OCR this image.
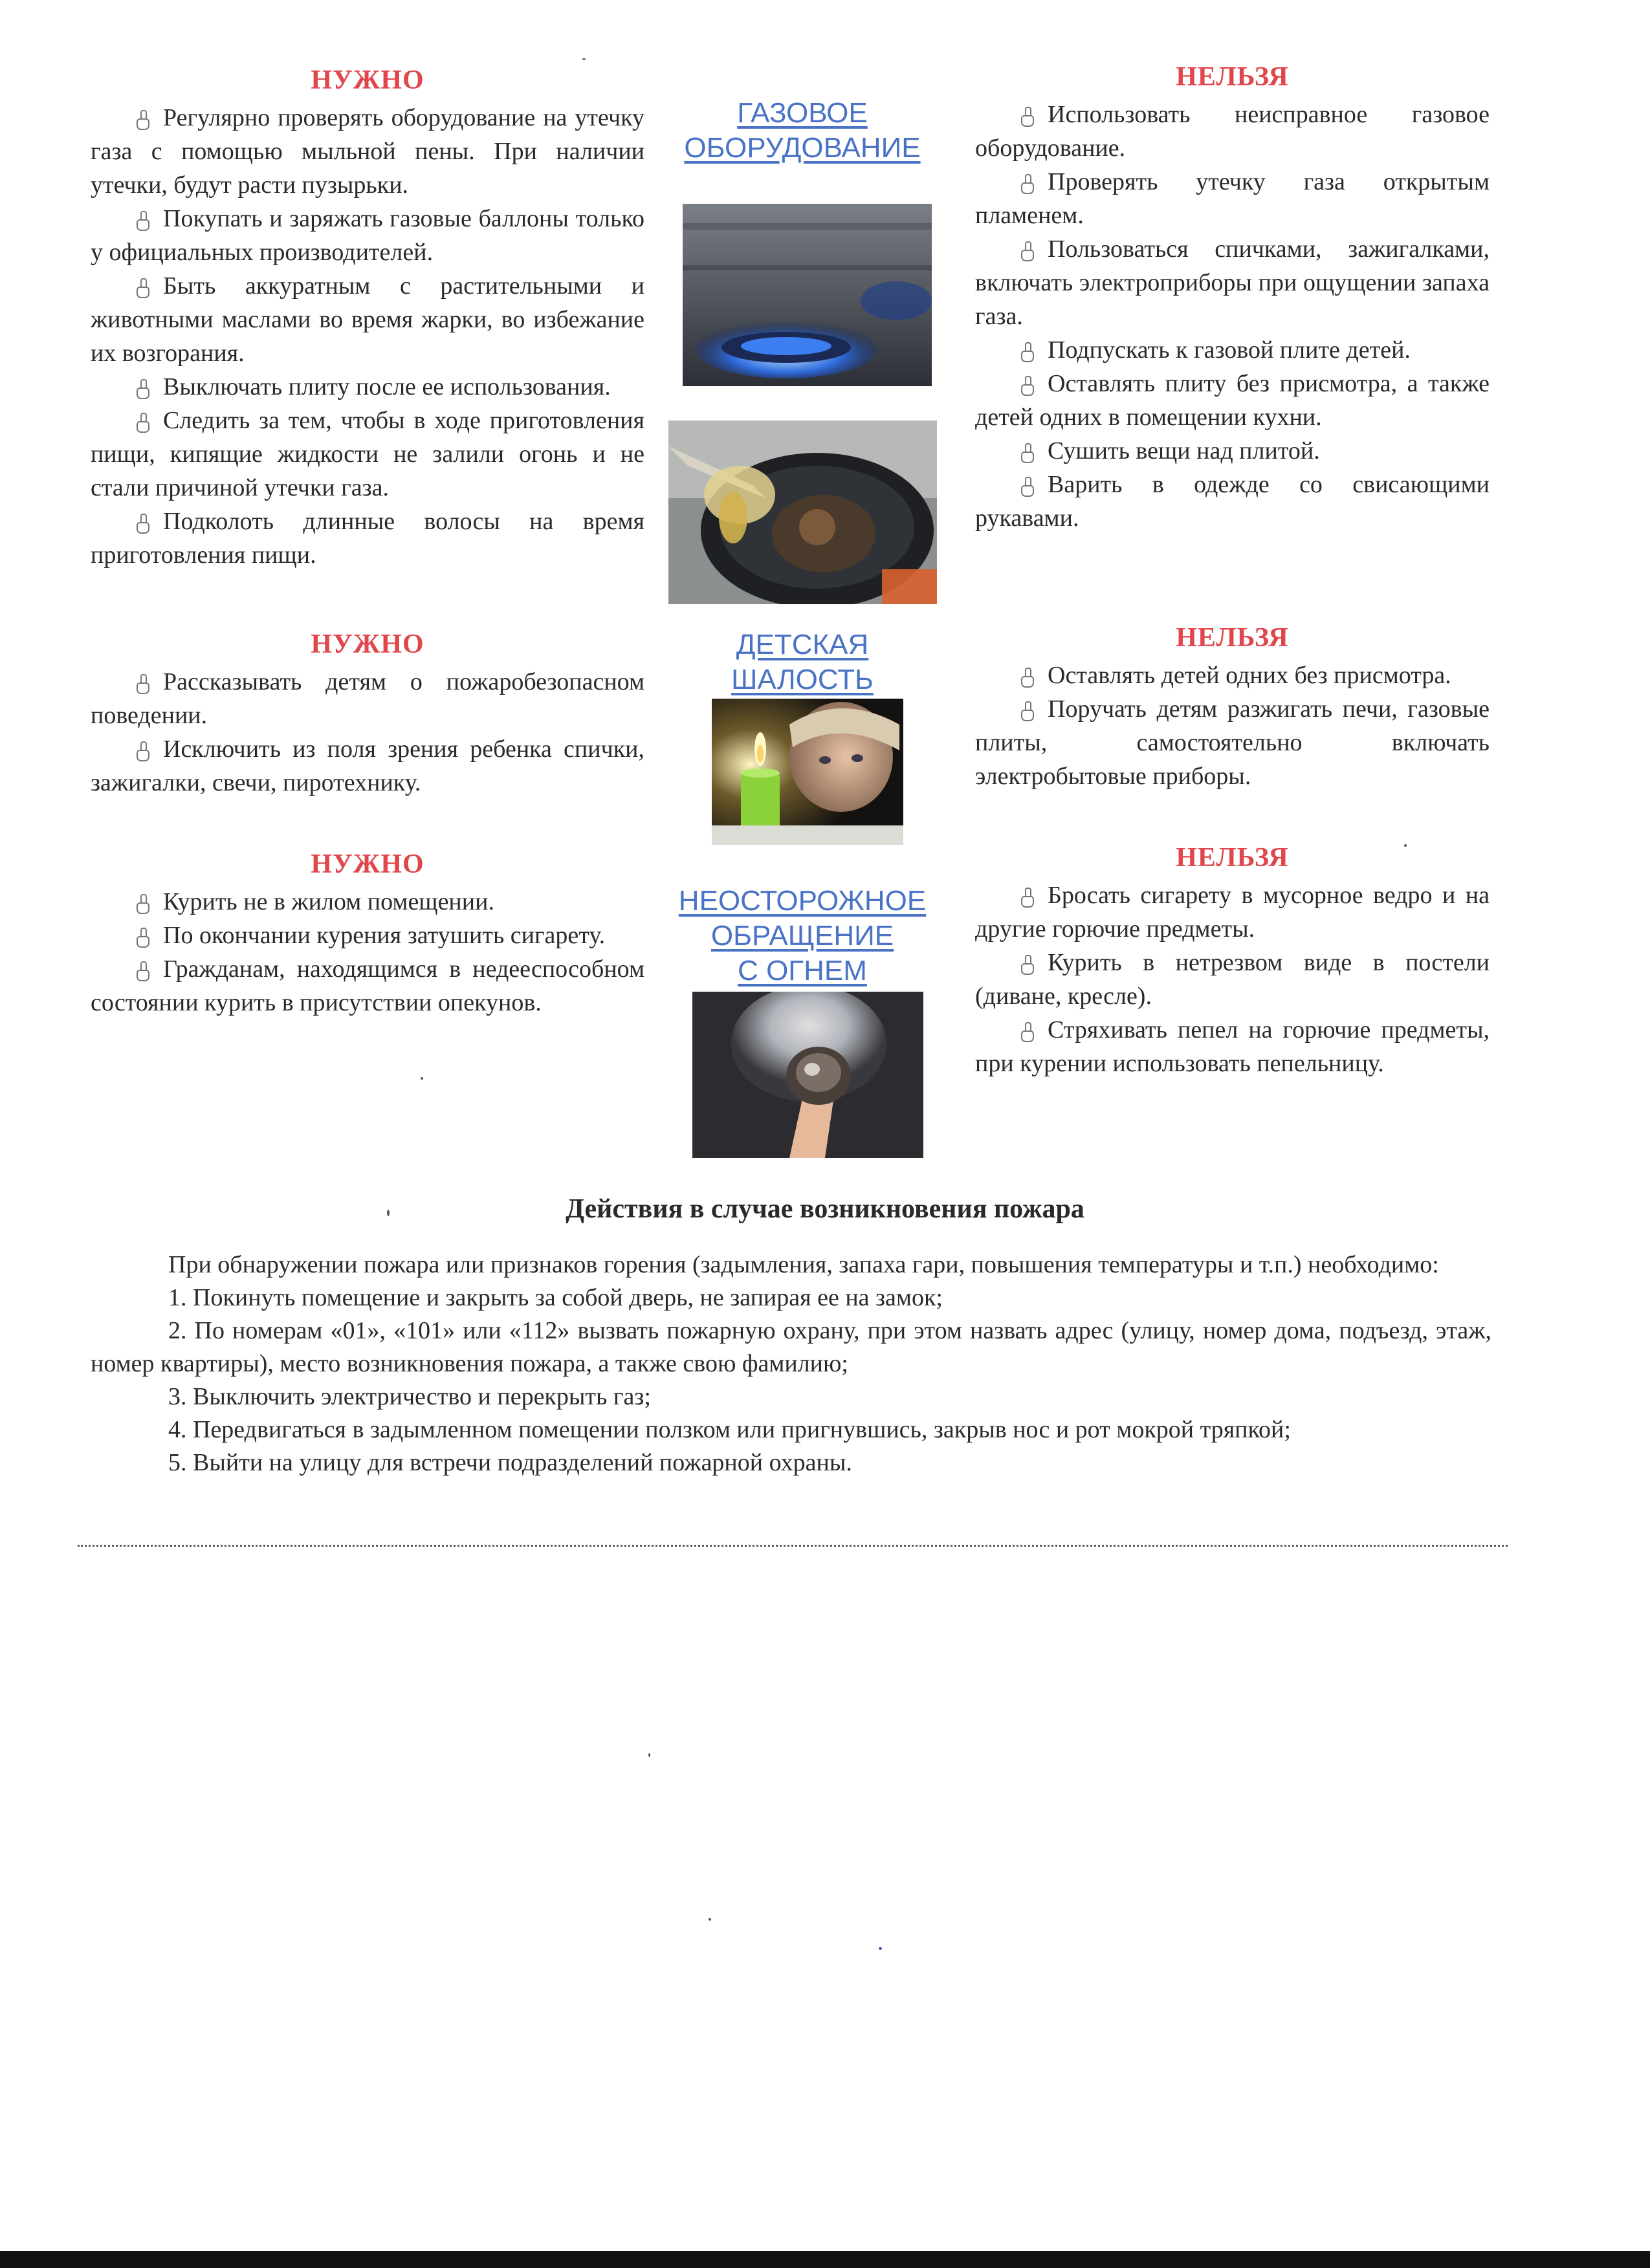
НУЖНО

Регулярно проверять оборудование на утечку газа с помощью мыльной пены. При наличии утечки, будут расти пузырьки.

Покупать и заряжать газовые баллоны только у официальных производителей.

Быть аккуратным с растительными и животными маслами во время жарки, во избежание их возгорания.

Выключать плиту после ее использования.

Следить за тем, чтобы в ходе приготовления пищи, кипящие жидкости не залили огонь и не стали причиной утечки газа.

Подколоть длинные волосы на время приготовления пищи.

ГАЗОВОЕ
ОБОРУДОВАНИЕ
НЕЛЬЗЯ

Использовать неисправное газовое оборудование.

Проверять утечку газа открытым пламенем.

Пользоваться спичками, зажигалками, включать электроприборы при ощущении запаха газа.

Подпускать к газовой плите детей.

Оставлять плиту без присмотра, а также детей одних в помещении кухни.

Сушить вещи над плитой.

Варить в одежде со свисающими рукавами.

НУЖНО

Рассказывать детям о пожаробезопасном поведении.

Исключить из поля зрения ребенка спички, зажигалки, свечи, пиротехнику.

ДЕТСКАЯ
ШАЛОСТЬ
НЕЛЬЗЯ

Оставлять детей одних без присмотра.

Поручать детям разжигать печи, газовые плиты, самостоятельно включать электробытовые приборы.

НУЖНО

Курить не в жилом помещении.

По окончании курения затушить сигарету.

Гражданам, находящимся в недееспособном состоянии курить в присутствии опекунов.

НЕОСТОРОЖНОЕ
ОБРАЩЕНИЕ
С ОГНЕМ
НЕЛЬЗЯ

Бросать сигарету в мусорное ведро и на другие горючие предметы.

Курить в нетрезвом виде в постели (диване, кресле).

Стряхивать пепел на горючие предметы, при курении использовать пепельницу.

Действия в случае возникновения пожара

При обнаружении пожара или признаков горения (задымления, запаха гари, повышения температуры и т.п.) необходимо:

1. Покинуть помещение и закрыть за собой дверь, не запирая ее на замок;

2. По номерам «01», «101» или «112» вызвать пожарную охрану, при этом назвать адрес (улицу, номер дома, подъезд, этаж, номер квартиры), место возникновения пожара, а также свою фамилию;

3. Выключить электричество и перекрыть газ;

4. Передвигаться в задымленном помещении ползком или пригнувшись, закрыв нос и рот мокрой тряпкой;

5. Выйти на улицу для встречи подразделений пожарной охраны.
